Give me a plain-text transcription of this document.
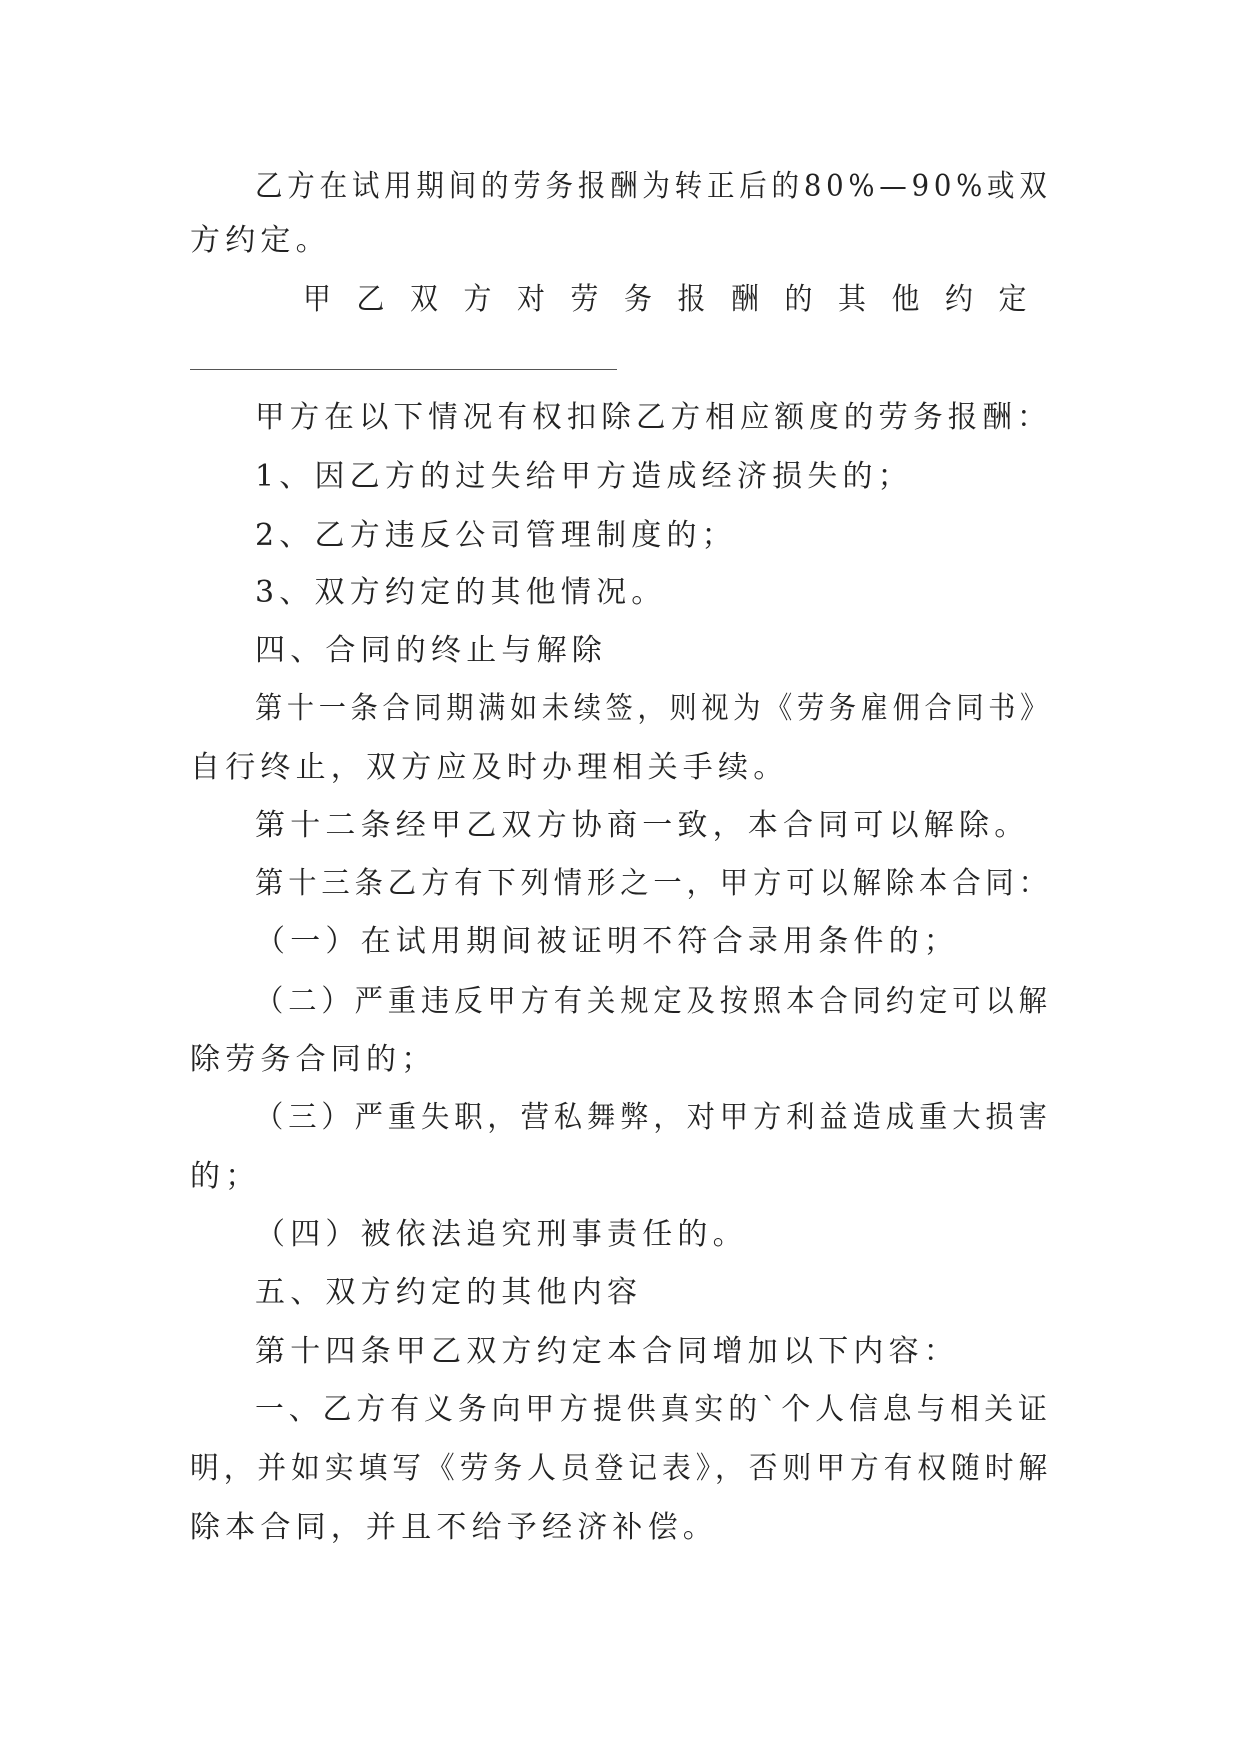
乙方在试用期间的劳务报酬为转正后的80%—90%或双
方约定。
甲乙双方对劳务报酬的其他约定
甲方在以下情况有权扣除乙方相应额度的劳务报酬：
1、因乙方的过失给甲方造成经济损失的；
2、乙方违反公司管理制度的；
3、双方约定的其他情况。
四、合同的终止与解除
第十一条合同期满如未续签，则视为《劳务雇佣合同书》
自行终止，双方应及时办理相关手续。
第十二条经甲乙双方协商一致，本合同可以解除。
第十三条乙方有下列情形之一，甲方可以解除本合同：
（一）在试用期间被证明不符合录用条件的；
（二）严重违反甲方有关规定及按照本合同约定可以解
除劳务合同的；
（三）严重失职，营私舞弊，对甲方利益造成重大损害
的；
（四）被依法追究刑事责任的。
五、双方约定的其他内容
第十四条甲乙双方约定本合同增加以下内容：
一、乙方有义务向甲方提供真实的`个人信息与相关证
明，并如实填写《劳务人员登记表》，否则甲方有权随时解
除本合同，并且不给予经济补偿。
